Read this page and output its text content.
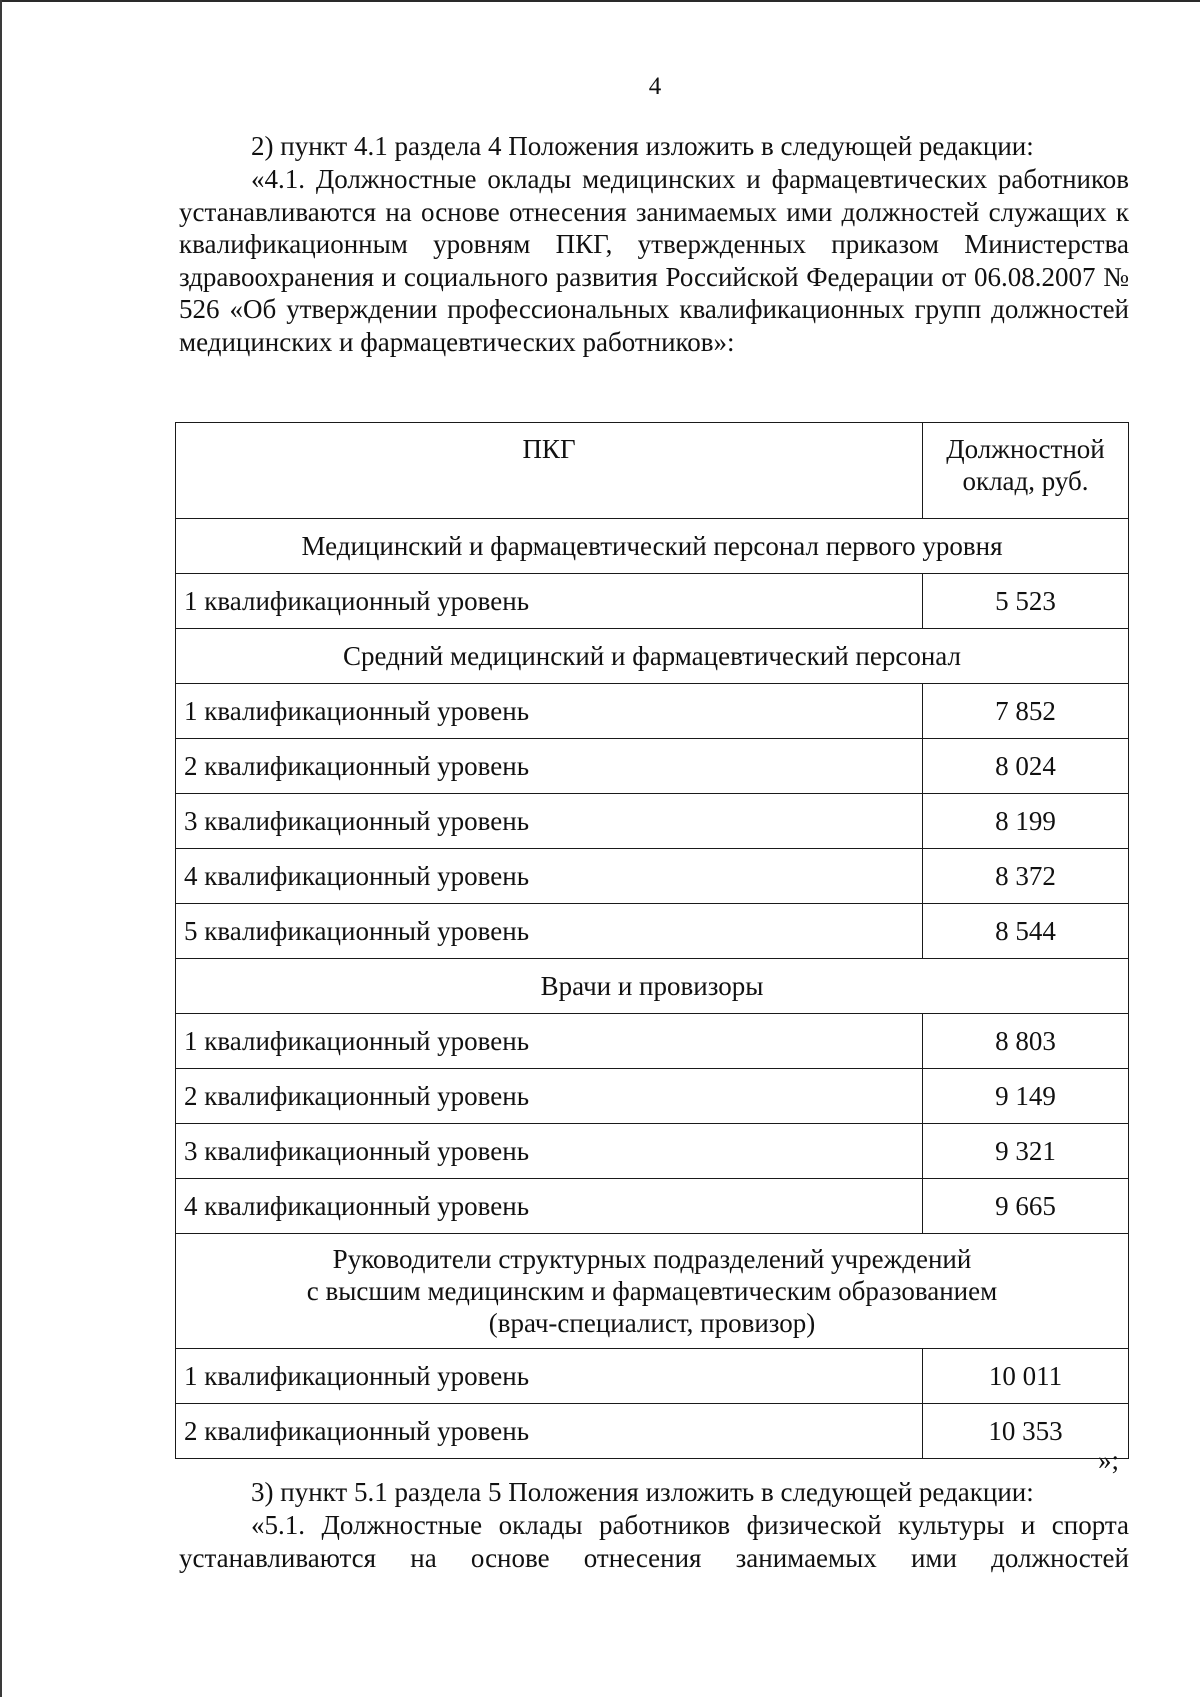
4
2) пункт 4.1 раздела 4 Положения изложить в следующей редакции:
«4.1. Должностные оклады медицинских и фармацевтических работников устанавливаются на основе отнесения занимаемых ими должностей служащих к квалификационным уровням ПКГ, утвержденных приказом Министерства здравоохранения и социального развития Российской Федерации от 06.08.2007 № 526 «Об утверждении профессиональных квалификационных групп должностей медицинских и фармацевтических работников»:
ПКГ	Должностной оклад, руб.
Медицинский и фармацевтический персонал первого уровня	
1 квалификационный уровень	5 523
Средний медицинский и фармацевтический персонал	
1 квалификационный уровень	7 852
2 квалификационный уровень	8 024
3 квалификационный уровень	8 199
4 квалификационный уровень	8 372
5 квалификационный уровень	8 544
Врачи и провизоры	
1 квалификационный уровень	8 803
2 квалификационный уровень	9 149
3 квалификационный уровень	9 321
4 квалификационный уровень	9 665

Руководители структурных подразделений учреждений
с высшим медицинским и фармацевтическим образованием
(врач-специалист, провизор)	

1 квалификационный уровень	10 011
2 квалификационный уровень	10 353
»;
3) пункт 5.1 раздела 5 Положения изложить в следующей редакции:
«5.1. Должностные оклады работников физической культуры и спорта устанавливаются на основе отнесения занимаемых ими должностей
